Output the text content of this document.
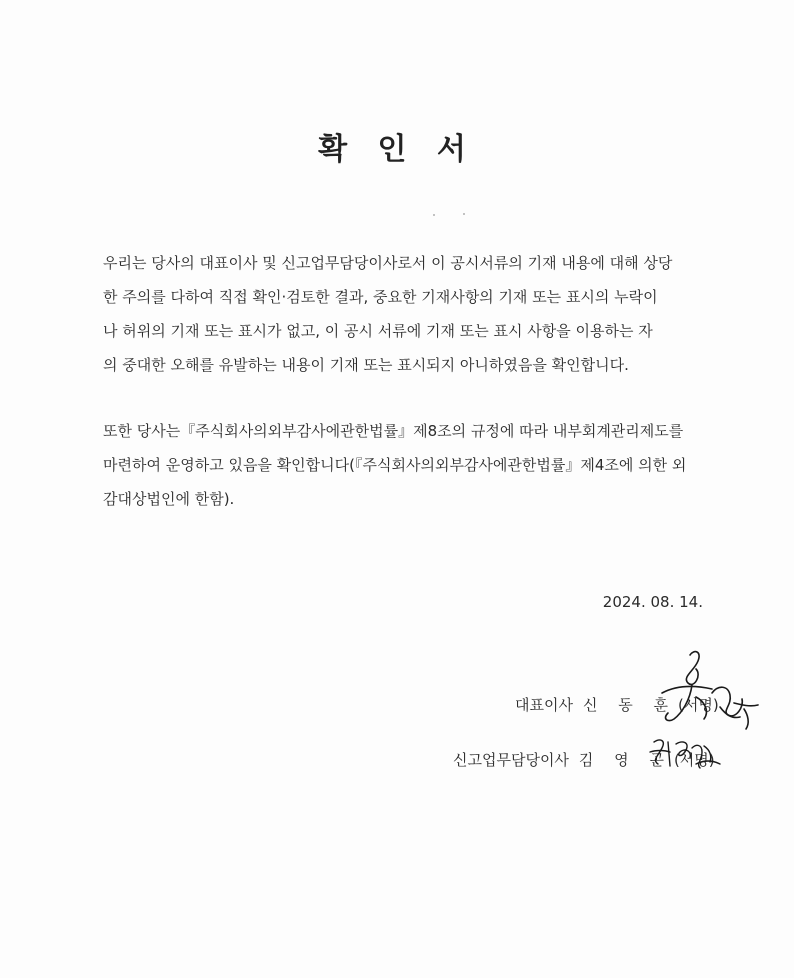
확 인 서
우리는 당사의 대표이사 및 신고업무담당이사로서 이 공시서류의 기재 내용에 대해 상당
한 주의를 다하여 직접 확인·검토한 결과, 중요한 기재사항의 기재 또는 표시의 누락이
나 허위의 기재 또는 표시가 없고, 이 공시 서류에 기재 또는 표시 사항을 이용하는 자
의 중대한 오해를 유발하는 내용이 기재 또는 표시되지 아니하였음을 확인합니다.
또한 당사는『주식회사의외부감사에관한법률』제8조의 규정에 따라 내부회계관리제도를
마련하여 운영하고 있음을 확인합니다(『주식회사의외부감사에관한법률』제4조에 의한 외
감대상법인에 한함).
2024. 08. 14.
대표이사 신 동 훈 (서명)
신고업무담당이사 김 영 곤 (서명)
